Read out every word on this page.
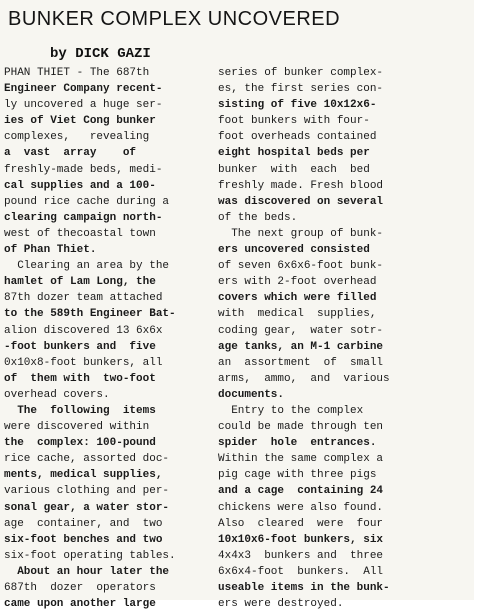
BUNKER COMPLEX UNCOVERED
by DICK GAZI
PHAN THIET - The 687th
Engineer Company recent-
ly uncovered a huge ser-
ies of Viet Cong bunker
complexes,   revealing
a  vast  array    of
freshly-made beds, medi-
cal supplies and a 100-
pound rice cache during a
clearing campaign north-
west of thecoastal town
of Phan Thiet.
Clearing an area by the
hamlet of Lam Long, the
87th dozer team attached
to the 589th Engineer Bat-
alion discovered 13 6x6x
-foot bunkers and  five
0x10x8-foot bunkers, all
of  them with  two-foot
overhead covers.
The  following  items
were discovered within
the  complex: 100-pound
rice cache, assorted doc-
ments, medical supplies,
various clothing and per-
sonal gear, a water stor-
age  container, and  two
six-foot benches and two
six-foot operating tables.
About an hour later the
687th  dozer  operators
came upon another large
series of bunker complex-
es, the first series con-
sisting of five 10x12x6-
foot bunkers with four-
foot overheads contained
eight hospital beds per
bunker  with  each  bed
freshly made. Fresh blood
was discovered on several
of the beds.
The next group of bunk-
ers uncovered consisted
of seven 6x6x6-foot bunk-
ers with 2-foot overhead
covers which were filled
with  medical  supplies,
coding gear,  water sotr-
age tanks, an M-1 carbine
an  assortment  of  small
arms,  ammo,  and  various
documents.
Entry to the complex
could be made through ten
spider  hole  entrances.
Within the same complex a
pig cage with three pigs
and a cage  containing 24
chickens were also found.
Also  cleared  were  four
10x10x6-foot bunkers, six
4x4x3  bunkers and  three
6x6x4-foot  bunkers.  All
useable items in the bunk-
ers were destroyed.
